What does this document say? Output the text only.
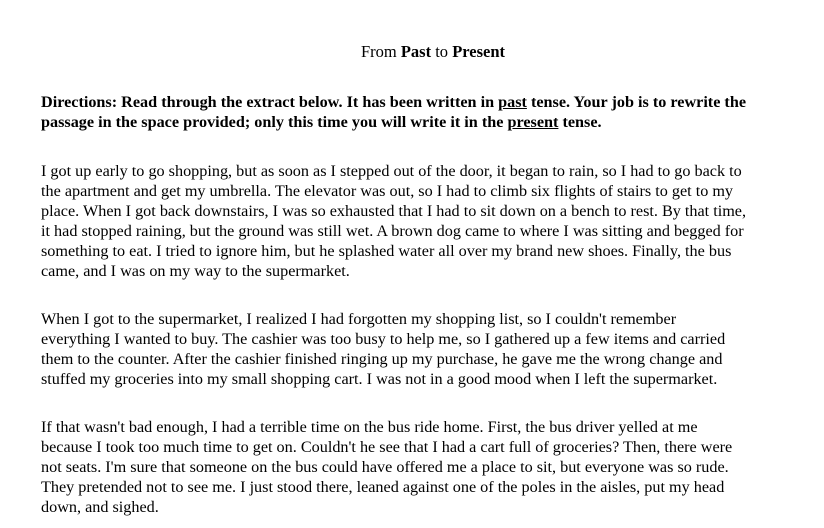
From Past to Present
Directions: Read through the extract below. It has been written in past tense. Your job is to rewrite the passage in the space provided; only this time you will write it in the present tense.
I got up early to go shopping, but as soon as I stepped out of the door, it began to rain, so I had to go back to
the apartment and get my umbrella. The elevator was out, so I had to climb six flights of stairs to get to my
place. When I got back downstairs, I was so exhausted that I had to sit down on a bench to rest. By that time,
it had stopped raining, but the ground was still wet. A brown dog came to where I was sitting and begged for
something to eat. I tried to ignore him, but he splashed water all over my brand new shoes. Finally, the bus
came, and I was on my way to the supermarket.
When I got to the supermarket, I realized I had forgotten my shopping list, so I couldn't remember
everything I wanted to buy. The cashier was too busy to help me, so I gathered up a few items and carried
them to the counter. After the cashier finished ringing up my purchase, he gave me the wrong change and
stuffed my groceries into my small shopping cart. I was not in a good mood when I left the supermarket.
If that wasn't bad enough, I had a terrible time on the bus ride home. First, the bus driver yelled at me
because I took too much time to get on. Couldn't he see that I had a cart full of groceries? Then, there were
not seats. I'm sure that someone on the bus could have offered me a place to sit, but everyone was so rude.
They pretended not to see me. I just stood there, leaned against one of the poles in the aisles, put my head
down, and sighed.
